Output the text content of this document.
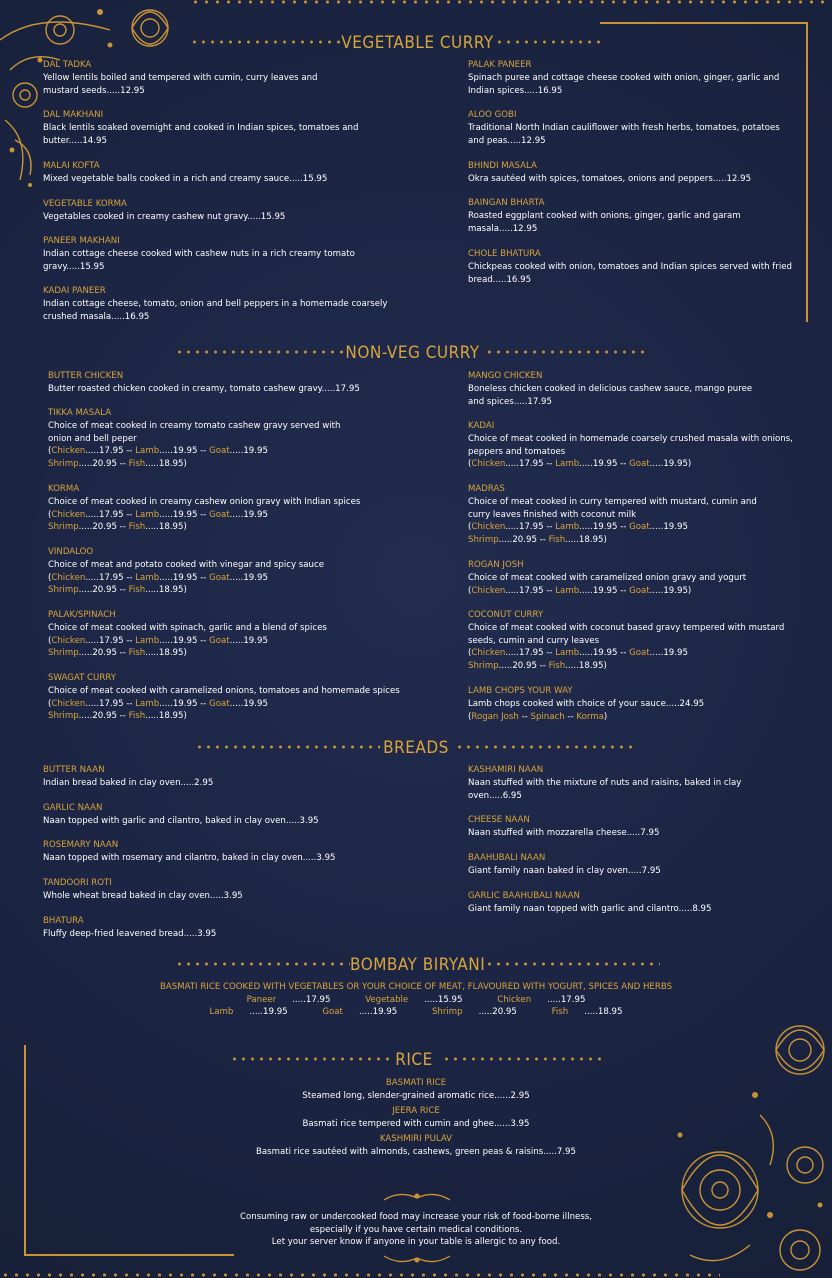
VEGETABLE CURRY
DAL TADKA
Yellow lentils boiled and tempered with cumin, curry leaves and
mustard seeds.....12.95
DAL MAKHANI
Black lentils soaked overnight and cooked in Indian spices, tomatoes and
butter.....14.95
MALAI KOFTA
Mixed vegetable balls cooked in a rich and creamy sauce.....15.95
VEGETABLE KORMA
Vegetables cooked in creamy cashew nut gravy.....15.95
PANEER MAKHANI
Indian cottage cheese cooked with cashew nuts in a rich creamy tomato
gravy.....15.95
KADAI PANEER
Indian cottage cheese, tomato, onion and bell peppers in a homemade coarsely
crushed masala.....16.95
PALAK PANEER
Spinach puree and cottage cheese cooked with onion, ginger, garlic and
Indian spices.....16.95
ALOO GOBI
Traditional North Indian cauliflower with fresh herbs, tomatoes, potatoes
and peas.....12.95
BHINDI MASALA
Okra sautéed with spices, tomatoes, onions and peppers.....12.95
BAINGAN BHARTA
Roasted eggplant cooked with onions, ginger, garlic and garam
masala.....12.95
CHOLE BHATURA
Chickpeas cooked with onion, tomatoes and Indian spices served with fried
bread.....16.95
NON-VEG CURRY
BUTTER CHICKEN
Butter roasted chicken cooked in creamy, tomato cashew gravy.....17.95
TIKKA MASALA
Choice of meat cooked in creamy tomato cashew gravy served with
onion and bell peper
(Chicken.....17.95 -- Lamb.....19.95 -- Goat.....19.95
Shrimp.....20.95 -- Fish.....18.95)
KORMA
Choice of meat cooked in creamy cashew onion gravy with Indian spices
(Chicken.....17.95 -- Lamb.....19.95 -- Goat.....19.95
Shrimp.....20.95 -- Fish.....18.95)
VINDALOO
Choice of meat and potato cooked with vinegar and spicy sauce
(Chicken.....17.95 -- Lamb.....19.95 -- Goat.....19.95
Shrimp.....20.95 -- Fish.....18.95)
PALAK/SPINACH
Choice of meat cooked with spinach, garlic and a blend of spices
(Chicken.....17.95 -- Lamb.....19.95 -- Goat.....19.95
Shrimp.....20.95 -- Fish.....18.95)
SWAGAT CURRY
Choice of meat cooked with caramelized onions, tomatoes and homemade spices
(Chicken.....17.95 -- Lamb.....19.95 -- Goat.....19.95
Shrimp.....20.95 -- Fish.....18.95)
MANGO CHICKEN
Boneless chicken cooked in delicious cashew sauce, mango puree
and spices.....17.95
KADAI
Choice of meat cooked in homemade coarsely crushed masala with onions,
peppers and tomatoes
(Chicken.....17.95 -- Lamb.....19.95 -- Goat.....19.95)
MADRAS
Choice of meat cooked in curry tempered with mustard, cumin and
curry leaves finished with coconut milk
(Chicken.....17.95 -- Lamb.....19.95 -- Goat.....19.95
Shrimp.....20.95 -- Fish.....18.95)
ROGAN JOSH
Choice of meat cooked with caramelized onion gravy and yogurt
(Chicken.....17.95 -- Lamb.....19.95 -- Goat.....19.95)
COCONUT CURRY
Choice of meat cooked with coconut based gravy tempered with mustard
seeds, cumin and curry leaves
(Chicken.....17.95 -- Lamb.....19.95 -- Goat.....19.95
Shrimp.....20.95 -- Fish.....18.95)
LAMB CHOPS YOUR WAY
Lamb chops cooked with choice of your sauce.....24.95
(Rogan Josh -- Spinach -- Korma)
BREADS
BUTTER NAAN
Indian bread baked in clay oven.....2.95
GARLIC NAAN
Naan topped with garlic and cilantro, baked in clay oven.....3.95
ROSEMARY NAAN
Naan topped with rosemary and cilantro, baked in clay oven.....3.95
TANDOORI ROTI
Whole wheat bread baked in clay oven.....3.95
BHATURA
Fluffy deep-fried leavened bread.....3.95
KASHAMIRI NAAN
Naan stuffed with the mixture of nuts and raisins, baked in clay
oven.....6.95
CHEESE NAAN
Naan stuffed with mozzarella cheese.....7.95
BAAHUBALI NAAN
Giant family naan baked in clay oven.....7.95
GARLIC BAAHUBALI NAAN
Giant family naan topped with garlic and cilantro.....8.95
BOMBAY BIRYANI
BASMATI RICE COOKED WITH VEGETABLES OR YOUR CHOICE OF MEAT, FLAVOURED WITH YOGURT, SPICES AND HERBS
Paneer .....17.95	Vegetable .....15.95	Chicken .....17.95
Lamb .....19.95	Goat .....19.95	Shrimp .....20.95	Fish .....18.95
RICE
BASMATI RICE
Steamed long, slender-grained aromatic rice......2.95
JEERA RICE
Basmati rice tempered with cumin and ghee......3.95
KASHMIRI PULAV
Basmati rice sautéed with almonds, cashews, green peas & raisins.....7.95
Consuming raw or undercooked food may increase your risk of food-borne illness,
especially if you have certain medical conditions.
Let your server know if anyone in your table is allergic to any food.
